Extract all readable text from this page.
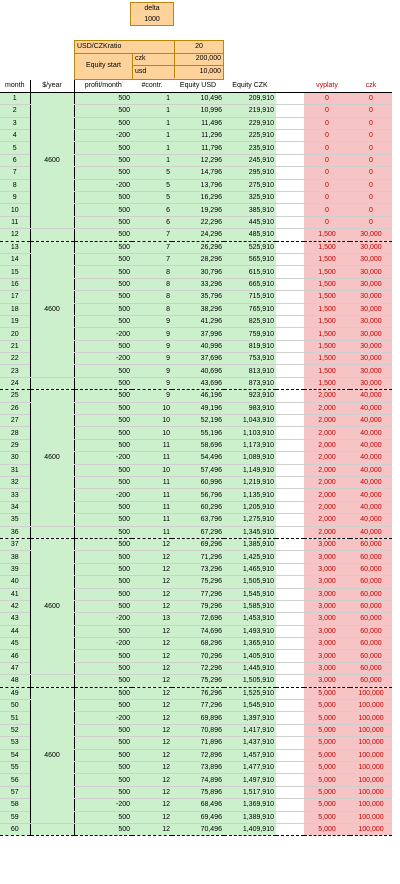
delta
1000
USD/CZKratio	20
Equity start
czk	200,000
usd	10,000
month	$/year	profit/month	#contr.	Equity USD	Equity CZK		vyplaty	czk
1	4600	500	1	10,496	209,910		0	0
2		500	1	10,996	219,910		0	0
3		500	1	11,496	229,910		0	0
4		-200	1	11,296	225,910		0	0
5		500	1	11,796	235,910		0	0
6		500	1	12,296	245,910		0	0
7		500	5	14,796	295,910		0	0
8		-200	5	13,796	275,910		0	0
9		500	5	16,296	325,910		0	0
10		500	6	19,296	385,910		0	0
11		500	6	22,296	445,910		0	0
12		500	7	24,296	485,910		1,500	30,000
13	4600	500	7	26,296	525,910		1,500	30,000
14		500	7	28,296	565,910		1,500	30,000
15		500	8	30,796	615,910		1,500	30,000
16		500	8	33,296	665,910		1,500	30,000
17		500	8	35,796	715,910		1,500	30,000
18		500	8	38,296	765,910		1,500	30,000
19		500	9	41,296	825,910		1,500	30,000
20		-200	9	37,996	759,910		1,500	30,000
21		500	9	40,996	819,910		1,500	30,000
22		-200	9	37,696	753,910		1,500	30,000
23		500	9	40,696	813,910		1,500	30,000
24		500	9	43,696	873,910		1,500	30,000
25	4600	500	9	46,196	923,910		2,000	40,000
26		500	10	49,196	983,910		2,000	40,000
27		500	10	52,196	1,043,910		2,000	40,000
28		500	10	55,196	1,103,910		2,000	40,000
29		500	11	58,696	1,173,910		2,000	40,000
30		-200	11	54,496	1,089,910		2,000	40,000
31		500	10	57,496	1,149,910		2,000	40,000
32		500	11	60,996	1,219,910		2,000	40,000
33		-200	11	56,796	1,135,910		2,000	40,000
34		500	11	60,296	1,205,910		2,000	40,000
35		500	11	63,796	1,275,910		2,000	40,000
36		500	11	67,296	1,345,910		2,000	40,000
37	4600	500	12	69,296	1,385,910		3,000	60,000
38		500	12	71,296	1,425,910		3,000	60,000
39		500	12	73,296	1,465,910		3,000	60,000
40		500	12	75,296	1,505,910		3,000	60,000
41		500	12	77,296	1,545,910		3,000	60,000
42		500	12	79,296	1,585,910		3,000	60,000
43		-200	13	72,696	1,453,910		3,000	60,000
44		500	12	74,696	1,493,910		3,000	60,000
45		-200	12	68,296	1,365,910		3,000	60,000
46		500	12	70,296	1,405,910		3,000	60,000
47		500	12	72,296	1,445,910		3,000	60,000
48		500	12	75,296	1,505,910		3,000	60,000
49	4600	500	12	76,296	1,525,910		5,000	100,000
50		500	12	77,296	1,545,910		5,000	100,000
51		-200	12	69,896	1,397,910		5,000	100,000
52		500	12	70,896	1,417,910		5,000	100,000
53		500	12	71,896	1,437,910		5,000	100,000
54		500	12	72,896	1,457,910		5,000	100,000
55		500	12	73,896	1,477,910		5,000	100,000
56		500	12	74,896	1,497,910		5,000	100,000
57		500	12	75,896	1,517,910		5,000	100,000
58		-200	12	68,496	1,369,910		5,000	100,000
59		500	12	69,496	1,389,910		5,000	100,000
60		500	12	70,496	1,409,910		5,000	100,000
